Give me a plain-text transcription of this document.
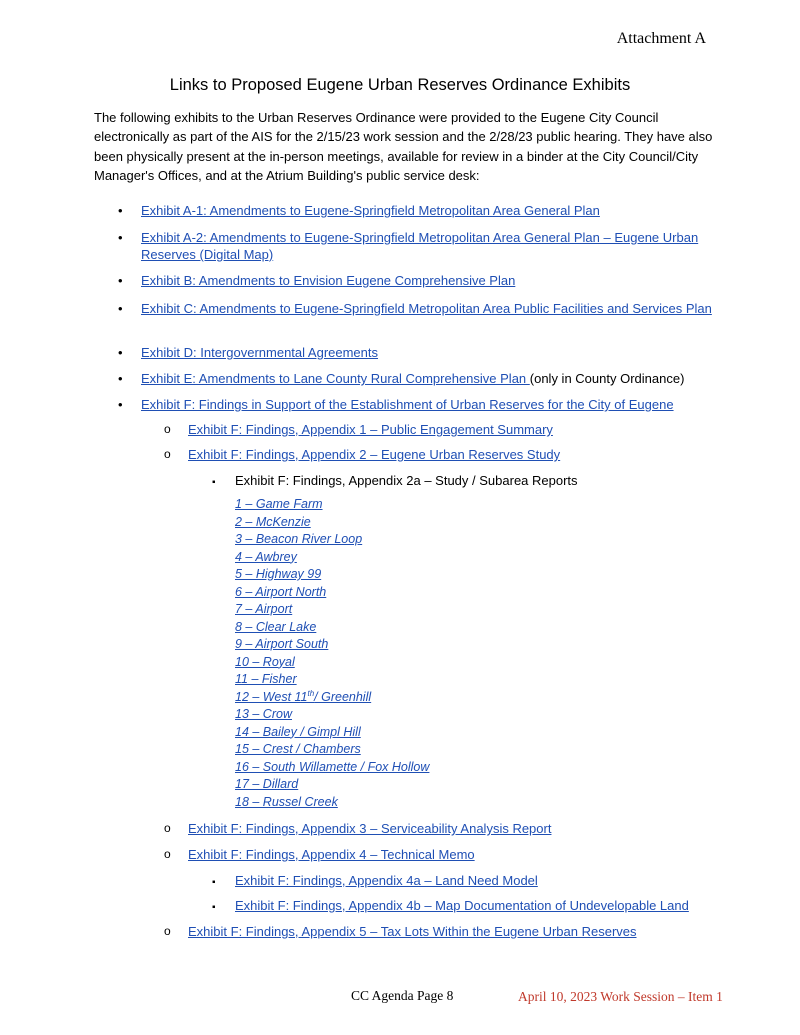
Attachment A
Links to Proposed Eugene Urban Reserves Ordinance Exhibits
The following exhibits to the Urban Reserves Ordinance were provided to the Eugene City Council electronically as part of the AIS for the 2/15/23 work session and the 2/28/23 public hearing. They have also been physically present at the in-person meetings, available for review in a binder at the City Council/City Manager's Offices, and at the Atrium Building's public service desk:
• Exhibit A-1: Amendments to Eugene-Springfield Metropolitan Area General Plan
• Exhibit A-2: Amendments to Eugene-Springfield Metropolitan Area General Plan – Eugene Urban Reserves (Digital Map)
• Exhibit B: Amendments to Envision Eugene Comprehensive Plan
• Exhibit C: Amendments to Eugene-Springfield Metropolitan Area Public Facilities and Services Plan
• Exhibit D: Intergovernmental Agreements
• Exhibit E: Amendments to Lane County Rural Comprehensive Plan (only in County Ordinance)
• Exhibit F: Findings in Support of the Establishment of Urban Reserves for the City of Eugene
o Exhibit F: Findings, Appendix 1 – Public Engagement Summary
o Exhibit F: Findings, Appendix 2 – Eugene Urban Reserves Study
▪ Exhibit F: Findings, Appendix 2a – Study / Subarea Reports
1 – Game Farm
2 – McKenzie
3 – Beacon River Loop
4 – Awbrey
5 – Highway 99
6 – Airport North
7 – Airport
8 – Clear Lake
9 – Airport South
10 – Royal
11 – Fisher
12 – West 11th/ Greenhill
13 – Crow
14 – Bailey / Gimpl Hill
15 – Crest / Chambers
16 – South Willamette / Fox Hollow
17 – Dillard
18 – Russel Creek
o Exhibit F: Findings, Appendix 3 – Serviceability Analysis Report
o Exhibit F: Findings, Appendix 4 – Technical Memo
▪ Exhibit F: Findings, Appendix 4a – Land Need Model
▪ Exhibit F: Findings, Appendix 4b – Map Documentation of Undevelopable Land
o Exhibit F: Findings, Appendix 5 – Tax Lots Within the Eugene Urban Reserves
CC Agenda Page 8	April 10, 2023 Work Session – Item 1
